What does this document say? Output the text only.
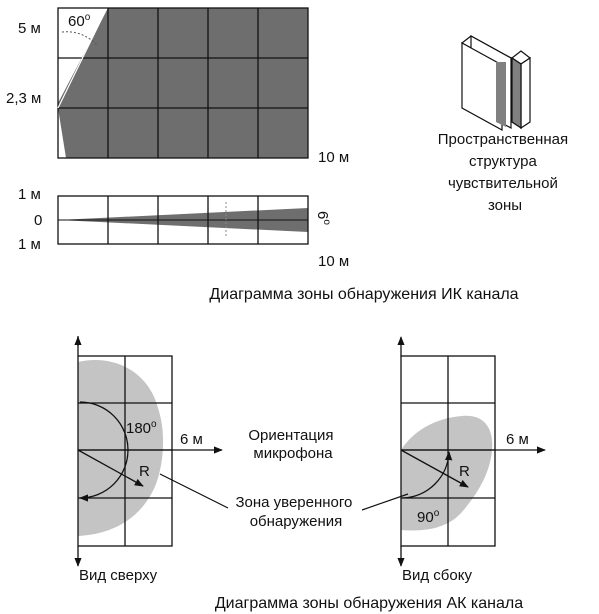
5 м
2,3 м
$60^о$
10 м
1 м
0
1 м
$6^о$
10 м
Пространственная структура чувствительной зоны
Диаграмма зоны обнаружения ИК канала
$180^о$
6 м
R
Вид сверху
$90^о$
6 м
R
Вид сбоку
Ориентация микрофона
Зона уверенного обнаружения
Диаграмма зоны обнаружения АК канала
